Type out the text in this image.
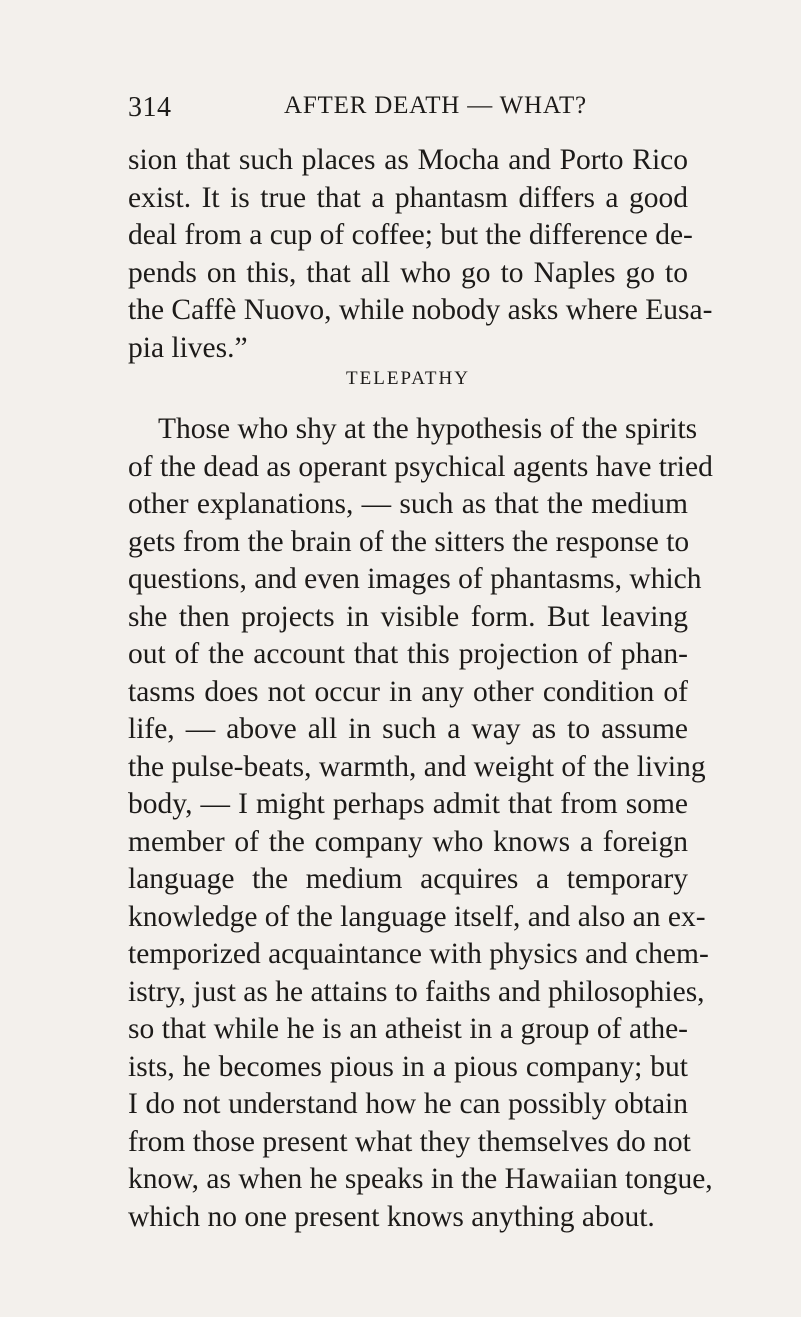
314	AFTER DEATH — WHAT?
sion that such places as Mocha and Porto Rico
exist. It is true that a phantasm differs a good
deal from a cup of coffee; but the difference de-
pends on this, that all who go to Naples go to
the Caffè Nuovo, while nobody asks where Eusa-
pia lives.”
TELEPATHY
Those who shy at the hypothesis of the spirits
of the dead as operant psychical agents have tried
other explanations, — such as that the medium
gets from the brain of the sitters the response to
questions, and even images of phantasms, which
she then projects in visible form. But leaving
out of the account that this projection of phan-
tasms does not occur in any other condition of
life, — above all in such a way as to assume
the pulse-beats, warmth, and weight of the living
body, — I might perhaps admit that from some
member of the company who knows a foreign
language the medium acquires a temporary
knowledge of the language itself, and also an ex-
temporized acquaintance with physics and chem-
istry, just as he attains to faiths and philosophies,
so that while he is an atheist in a group of athe-
ists, he becomes pious in a pious company; but
I do not understand how he can possibly obtain
from those present what they themselves do not
know, as when he speaks in the Hawaiian tongue,
which no one present knows anything about.
